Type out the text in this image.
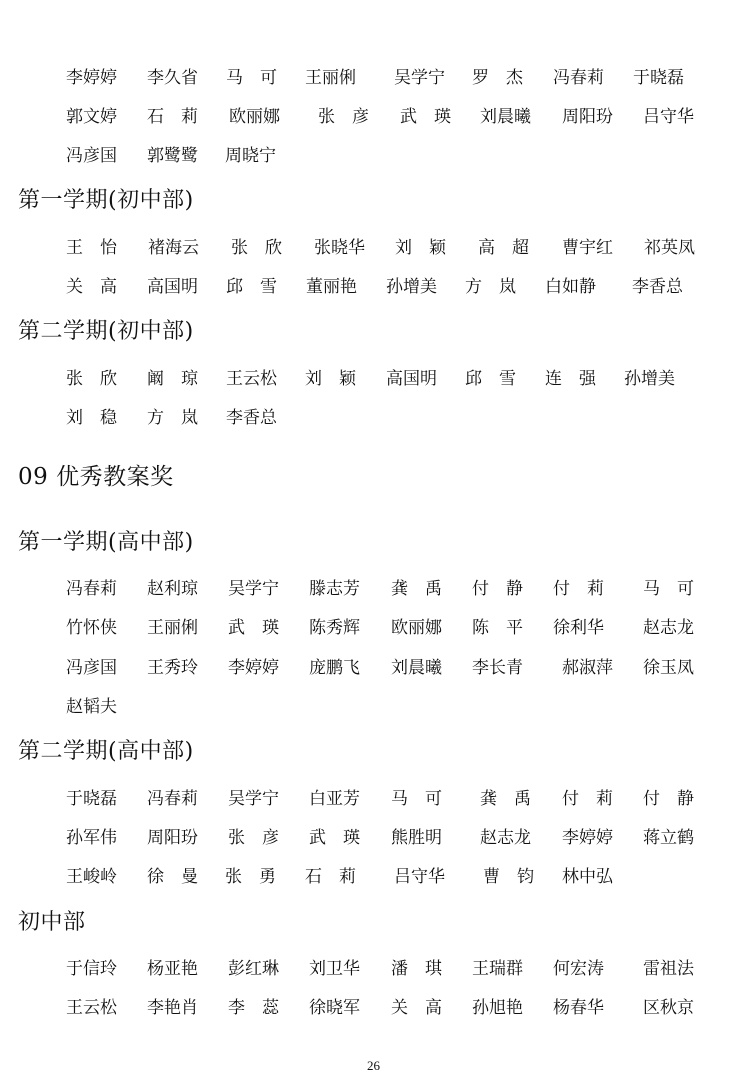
李婷婷 李久省 马　可 王丽俐 吴学宁 罗　杰 冯春莉 于晓磊
郭文婷 石　莉 欧丽娜 张　彦 武　瑛 刘晨曦 周阳玢 吕守华
冯彦国 郭鹭鹭 周晓宁
第一学期(初中部)
王　怡 褚海云 张　欣 张晓华 刘　颖 高　超 曹宇红 祁英凤
关　高 高国明 邱　雪 董丽艳 孙增美 方　岚 白如静 李香总
第二学期(初中部)
张　欣 阚　琼 王云松 刘　颖 高国明 邱　雪 连　强 孙增美
刘　稳 方　岚 李香总
09 优秀教案奖
第一学期(高中部)
冯春莉 赵利琼 吴学宁 滕志芳 龚　禹 付　静 付　莉 马　可
竹怀侠 王丽俐 武　瑛 陈秀辉 欧丽娜 陈　平 徐利华 赵志龙
冯彦国 王秀玲 李婷婷 庞鹏飞 刘晨曦 李长青 郝淑萍 徐玉凤
赵韬夫
第二学期(高中部)
于晓磊 冯春莉 吴学宁 白亚芳 马　可 龚　禹 付　莉 付　静
孙军伟 周阳玢 张　彦 武　瑛 熊胜明 赵志龙 李婷婷 蒋立鹤
王峻岭 徐　曼 张　勇 石　莉 吕守华 曹　钧 林中弘
初中部
于信玲 杨亚艳 彭红琳 刘卫华 潘　琪 王瑞群 何宏涛 雷祖法
王云松 李艳肖 李　蕊 徐晓军 关　高 孙旭艳 杨春华 区秋京
26
